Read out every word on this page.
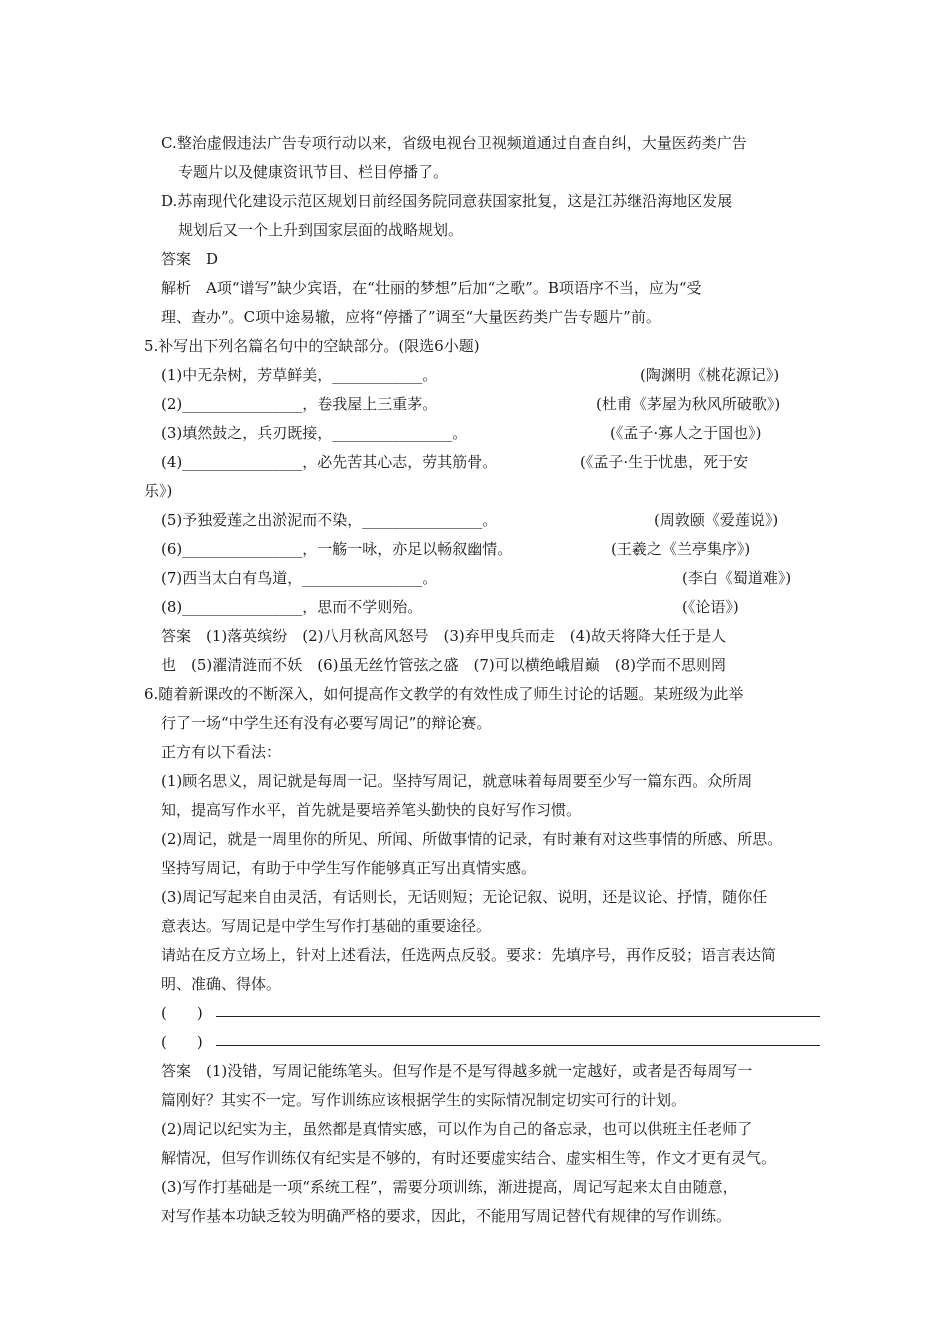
C.整治虚假违法广告专项行动以来，省级电视台卫视频道通过自查自纠，大量医药类广告
专题片以及健康资讯节目、栏目停播了。
D.苏南现代化建设示范区规划日前经国务院同意获国家批复，这是江苏继沿海地区发展
规划后又一个上升到国家层面的战略规划。
答案　D
解析　A项“谱写”缺少宾语，在“壮丽的梦想”后加“之歌”。B项语序不当，应为“受
理、查办”。C项中途易辙，应将“停播了”调至“大量医药类广告专题片”前。
5.补写出下列名篇名句中的空缺部分。(限选6小题)
(1)中无杂树，芳草鲜美，____________。	(陶渊明《桃花源记》)
(2)________________，卷我屋上三重茅。	(杜甫《茅屋为秋风所破歌》)
(3)填然鼓之，兵刃既接，________________。	(《孟子·寡人之于国也》)
(4)________________，必先苦其心志，劳其筋骨。	(《孟子·生于忧患，死于安
乐》)
(5)予独爱莲之出淤泥而不染，________________。	(周敦颐《爱莲说》)
(6)________________，一觞一咏，亦足以畅叙幽情。	(王羲之《兰亭集序》)
(7)西当太白有鸟道，________________。	(李白《蜀道难》)
(8)________________，思而不学则殆。	(《论语》)
答案　(1)落英缤纷　(2)八月秋高风怒号　(3)弃甲曳兵而走　(4)故天将降大任于是人
也　(5)濯清涟而不妖　(6)虽无丝竹管弦之盛　(7)可以横绝峨眉巅　(8)学而不思则罔
6.随着新课改的不断深入，如何提高作文教学的有效性成了师生讨论的话题。某班级为此举
行了一场“中学生还有没有必要写周记”的辩论赛。
正方有以下看法：
(1)顾名思义，周记就是每周一记。坚持写周记，就意味着每周要至少写一篇东西。众所周
知，提高写作水平，首先就是要培养笔头勤快的良好写作习惯。
(2)周记，就是一周里你的所见、所闻、所做事情的记录，有时兼有对这些事情的所感、所思。
坚持写周记，有助于中学生写作能够真正写出真情实感。
(3)周记写起来自由灵活，有话则长，无话则短；无论记叙、说明，还是议论、抒情，随你任
意表达。写周记是中学生写作打基础的重要途径。
请站在反方立场上，针对上述看法，任选两点反驳。要求：先填序号，再作反驳；语言表达简
明、准确、得体。
(　　)
(　　)
答案　(1)没错，写周记能练笔头。但写作是不是写得越多就一定越好，或者是否每周写一
篇刚好？其实不一定。写作训练应该根据学生的实际情况制定切实可行的计划。
(2)周记以纪实为主，虽然都是真情实感，可以作为自己的备忘录，也可以供班主任老师了
解情况，但写作训练仅有纪实是不够的，有时还要虚实结合、虚实相生等，作文才更有灵气。
(3)写作打基础是一项“系统工程”，需要分项训练，渐进提高，周记写起来太自由随意，
对写作基本功缺乏较为明确严格的要求，因此，不能用写周记替代有规律的写作训练。
